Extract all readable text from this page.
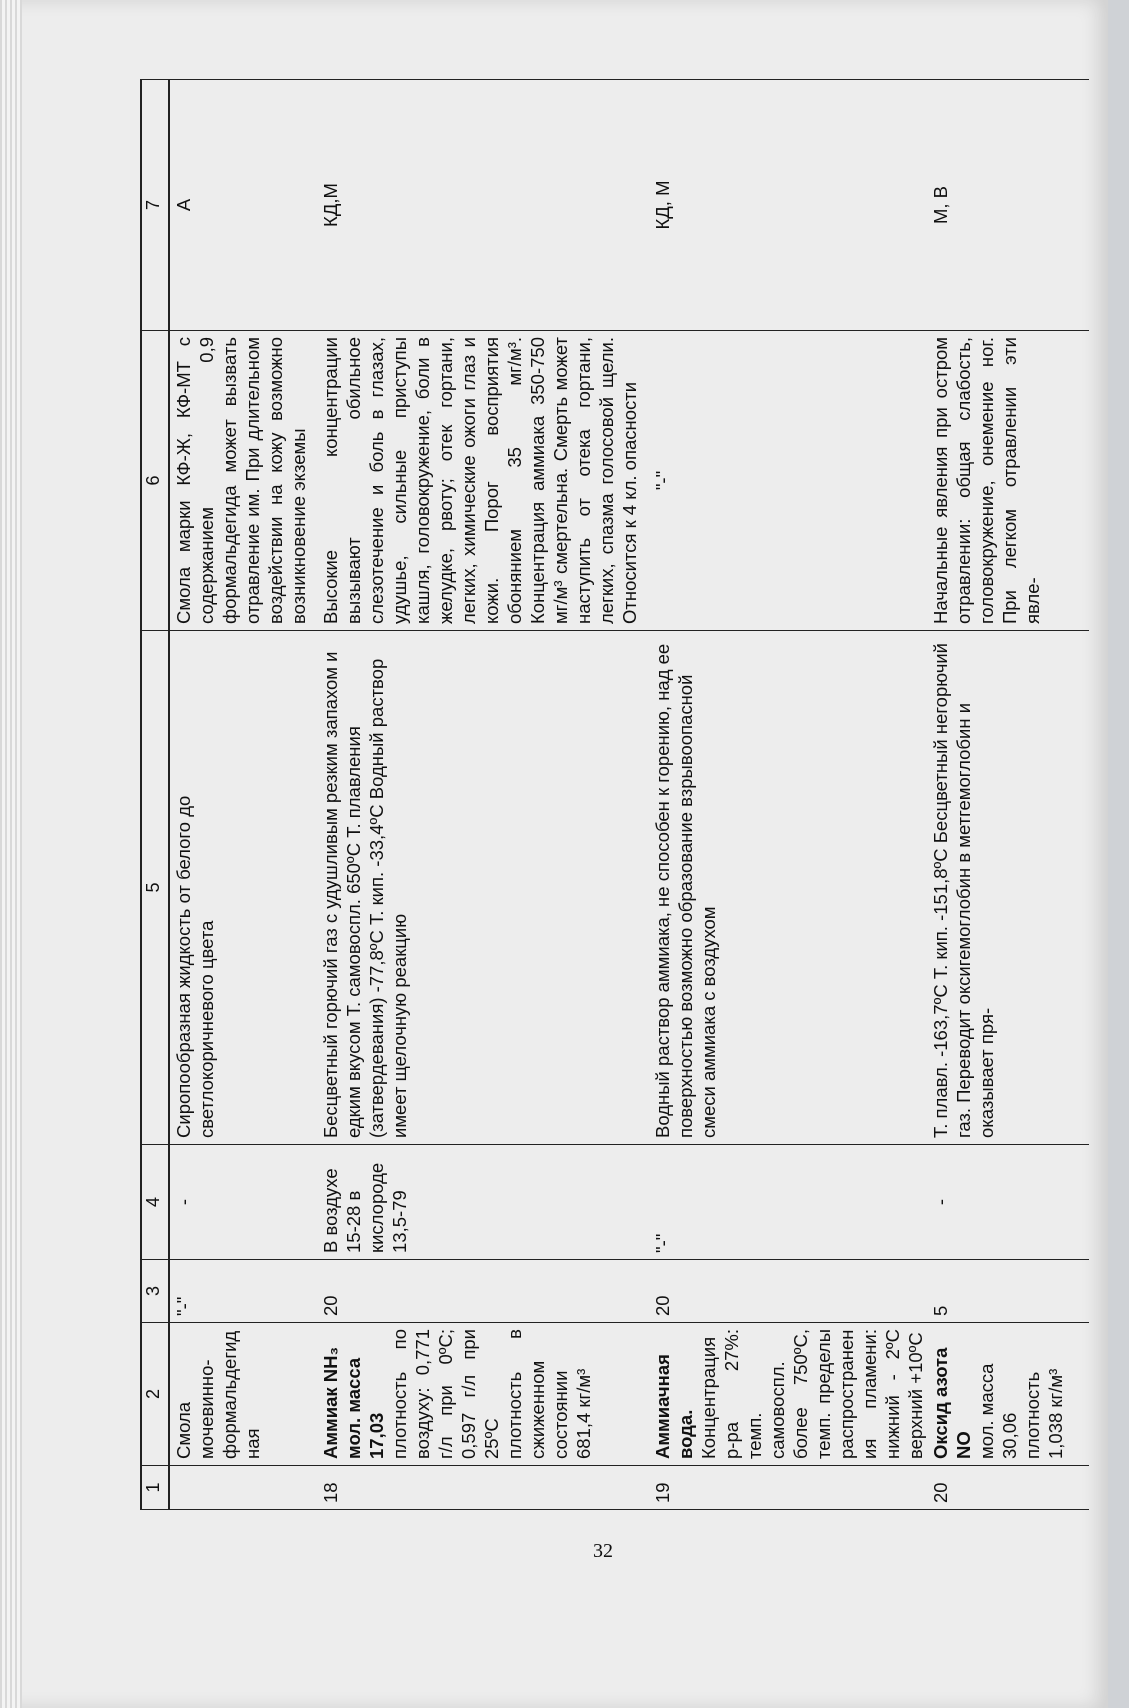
1	2	3	4	5	6	7
	Смола мочевинно-формальдегидная	"-"	-	Сиропообразная жидкость от белого до светлокоричневого цвета	Смола марки КФ-Ж, КФ-МТ с содержанием 0,9 формальдегида может вызвать отравление им. При длительном воздействии на кожу возможно возникновение экземы	А
18	Аммиак NH₃ мол. масса 17,03 плотность по воздуху: 0,771 г/л при 0ºС; 0,597 г/л при 25ºС плотность в сжиженном состоянии 681,4 кг/м³	20	В воздухе 15-28 в кислороде 13,5-79	Бесцветный горючий газ с удушливым резким запахом и едким вкусом Т. самовоспл. 650ºС Т. плавления (затвердевания) -77,8ºС Т. кип. -33,4ºС Водный раствор имеет щелочную реакцию	Высокие концентрации вызывают обильное слезотечение и боль в глазах, удушье, сильные приступы кашля, головокружение, боли в желудке, рвоту; отек гортани, легких, химические ожоги глаз и кожи. Порог восприятия обонянием 35 мг/м³. Концентрация аммиака 350-750 мг/м³ смертельна. Смерть может наступить от отека гортани, легких, спазма голосовой щели. Относится к 4 кл. опасности	КД,М
19	Аммиачная вода. Концентрация р-ра 27%: темп. самовоспл. более 750ºС, темп. пределы распространения пламени: нижний - 2ºС верхний +10ºС	20	"-"	Водный раствор аммиака, не способен к горению, над ее поверхностью возможно образование взрывоопасной смеси аммиака с воздухом	"-"	КД, М
20	Оксид азота NO мол. масса 30,06 плотность 1,038 кг/м³	5	-	Т. плавл. -163,7ºС Т. кип. -151,8ºС Бесцветный негорючий газ. Переводит оксигемоглобин в метгемоглобин и оказывает пря-	Начальные явления при остром отравлении: общая слабость, головокружение, онемение ног. При легком отравлении эти явле-	М, В
32
